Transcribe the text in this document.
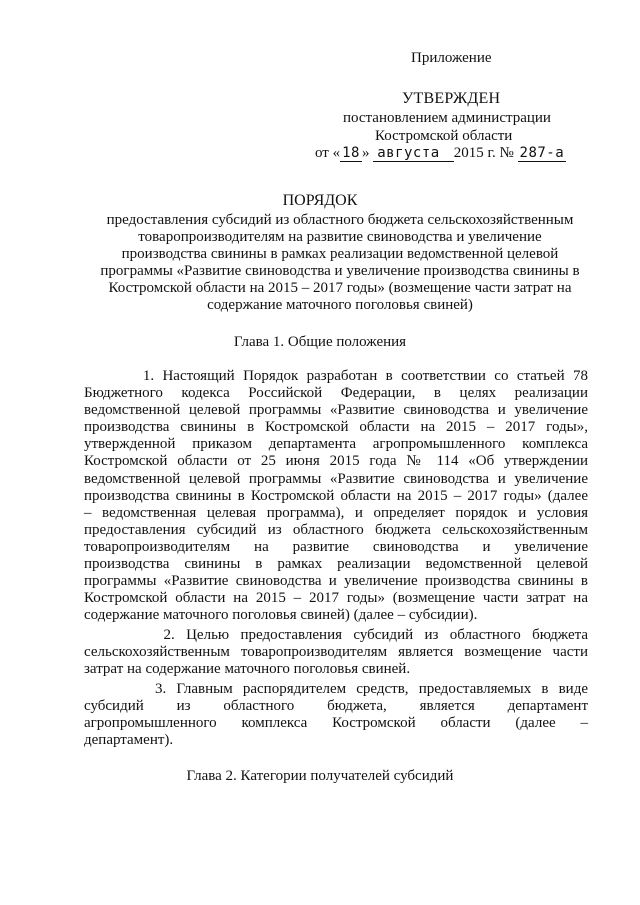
Приложение
УТВЕРЖДЕН
постановлением администрации
Костромской области
от « 18 » августа 2015 г. № 287-а
ПОРЯДОК
предоставления субсидий из областного бюджета сельскохозяйственным
товаропроизводителям на развитие свиноводства и увеличение
производства свинины в рамках реализации ведомственной целевой
программы «Развитие свиноводства и увеличение производства свинины в
Костромской области на 2015 – 2017 годы» (возмещение части затрат на
содержание маточного поголовья свиней)
Глава 1. Общие положения
1. Настоящий Порядок разработан в соответствии со статьей 78
Бюджетного кодекса Российской Федерации, в целях реализации
ведомственной целевой программы «Развитие свиноводства и увеличение
производства свинины в Костромской области на 2015 – 2017 годы»,
утвержденной приказом департамента агропромышленного комплекса
Костромской области от 25 июня 2015 года № 114 «Об утверждении
ведомственной целевой программы «Развитие свиноводства и увеличение
производства свинины в Костромской области на 2015 – 2017 годы» (далее
– ведомственная целевая программа), и определяет порядок и условия
предоставления субсидий из областного бюджета сельскохозяйственным
товаропроизводителям на развитие свиноводства и увеличение
производства свинины в рамках реализации ведомственной целевой
программы «Развитие свиноводства и увеличение производства свинины в
Костромской области на 2015 – 2017 годы» (возмещение части затрат на
содержание маточного поголовья свиней) (далее – субсидии).
2. Целью предоставления субсидий из областного бюджета
сельскохозяйственным товаропроизводителям является возмещение части
затрат на содержание маточного поголовья свиней.
3. Главным распорядителем средств, предоставляемых в виде
субсидий из областного бюджета, является департамент
агропромышленного комплекса Костромской области (далее –
департамент).
Глава 2. Категории получателей субсидий
